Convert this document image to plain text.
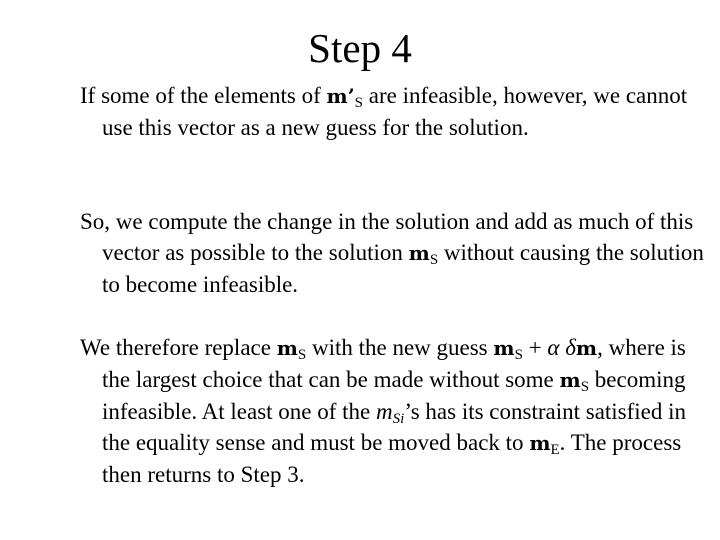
Step 4

If some of the elements of $m’_S$ are infeasible, however, we cannot use this vector as a new guess for the solution.

So, we compute the change in the solution and add as much of this vector as possible to the solution $m_S$ without causing the solution to become infeasible.

We therefore replace $m_S$ with the new guess $m_S + \alpha$ δm, where is the largest choice that can be made without some $m_S$ becoming infeasible. At least one of the $m_{Si}’s$ has its constraint satisfied in the equality sense and must be moved back to $m_E$. The process then returns to Step 3.
